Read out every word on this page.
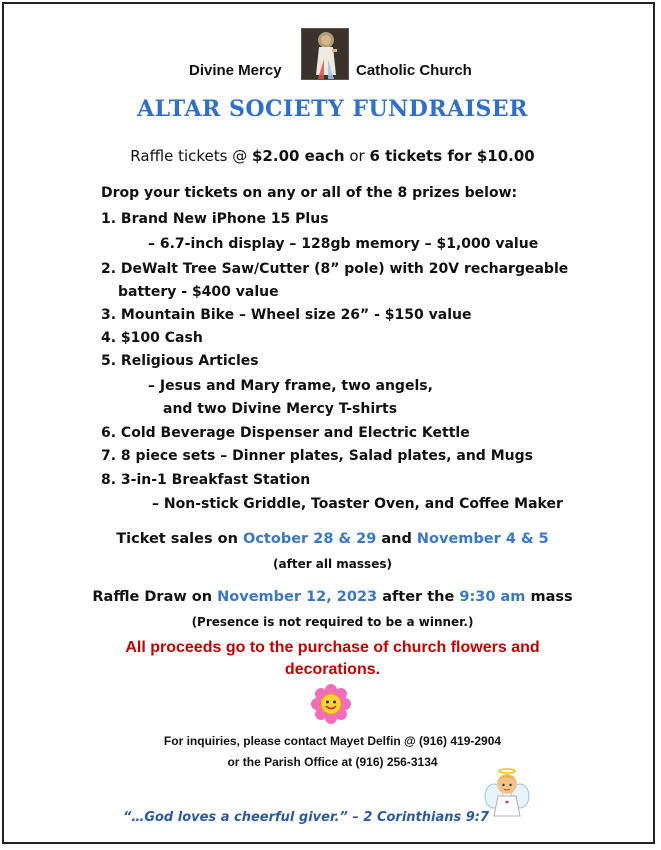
Divine Mercy	Catholic Church
ALTAR SOCIETY FUNDRAISER
Raffle tickets @ $2.00 each or 6 tickets for $10.00
Drop your tickets on any or all of the 8 prizes below:
1. Brand New iPhone 15 Plus
– 6.7-inch display – 128gb memory – $1,000 value
2. DeWalt Tree Saw/Cutter (8” pole) with 20V rechargeable
battery - $400 value
3. Mountain Bike – Wheel size 26” - $150 value
4. $100 Cash
5. Religious Articles
– Jesus and Mary frame, two angels,
and two Divine Mercy T-shirts
6. Cold Beverage Dispenser and Electric Kettle
7. 8 piece sets – Dinner plates, Salad plates, and Mugs
8. 3-in-1 Breakfast Station
– Non-stick Griddle, Toaster Oven, and Coffee Maker
Ticket sales on October 28 & 29 and November 4 & 5
(after all masses)
Raffle Draw on November 12, 2023 after the 9:30 am mass
(Presence is not required to be a winner.)
All proceeds go to the purchase of church flowers and
decorations.
For inquiries, please contact Mayet Delfin @ (916) 419-2904
or the Parish Office at (916) 256-3134
“…God loves a cheerful giver.” – 2 Corinthians 9:7
